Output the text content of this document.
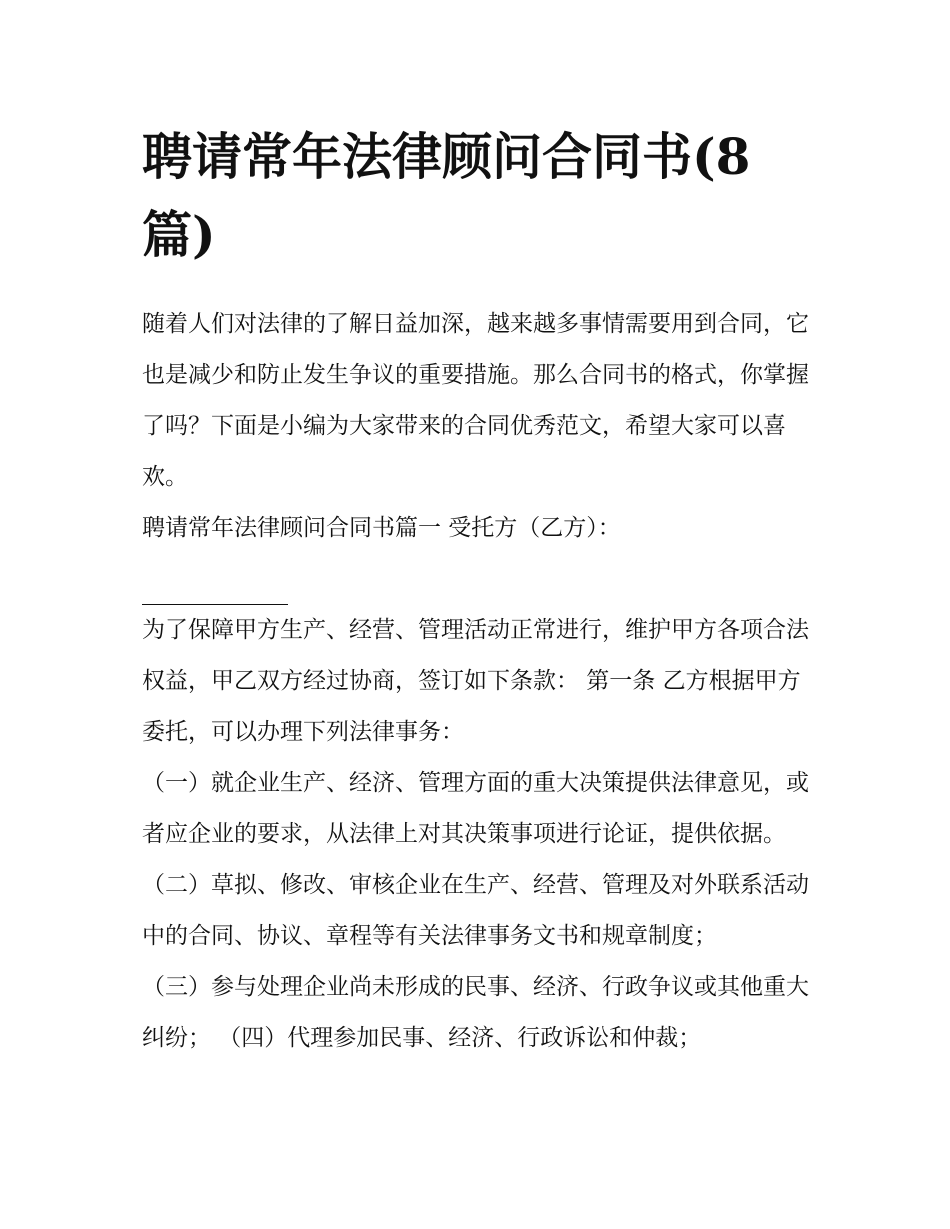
聘请常年法律顾问合同书(8篇)

随着人们对法律的了解日益加深，越来越多事情需要用到合同，它也是减少和防止发生争议的重要措施。那么合同书的格式，你掌握了吗？下面是小编为大家带来的合同优秀范文，希望大家可以喜欢。

聘请常年法律顾问合同书篇一 受托方（乙方）：

为了保障甲方生产、经营、管理活动正常进行，维护甲方各项合法权益，甲乙双方经过协商，签订如下条款： 第一条 乙方根据甲方委托，可以办理下列法律事务：

（一）就企业生产、经济、管理方面的重大决策提供法律意见，或者应企业的要求，从法律上对其决策事项进行论证，提供依据。

（二）草拟、修改、审核企业在生产、经营、管理及对外联系活动中的合同、协议、章程等有关法律事务文书和规章制度；

（三）参与处理企业尚未形成的民事、经济、行政争议或其他重大纠纷； （四）代理参加民事、经济、行政诉讼和仲裁；
